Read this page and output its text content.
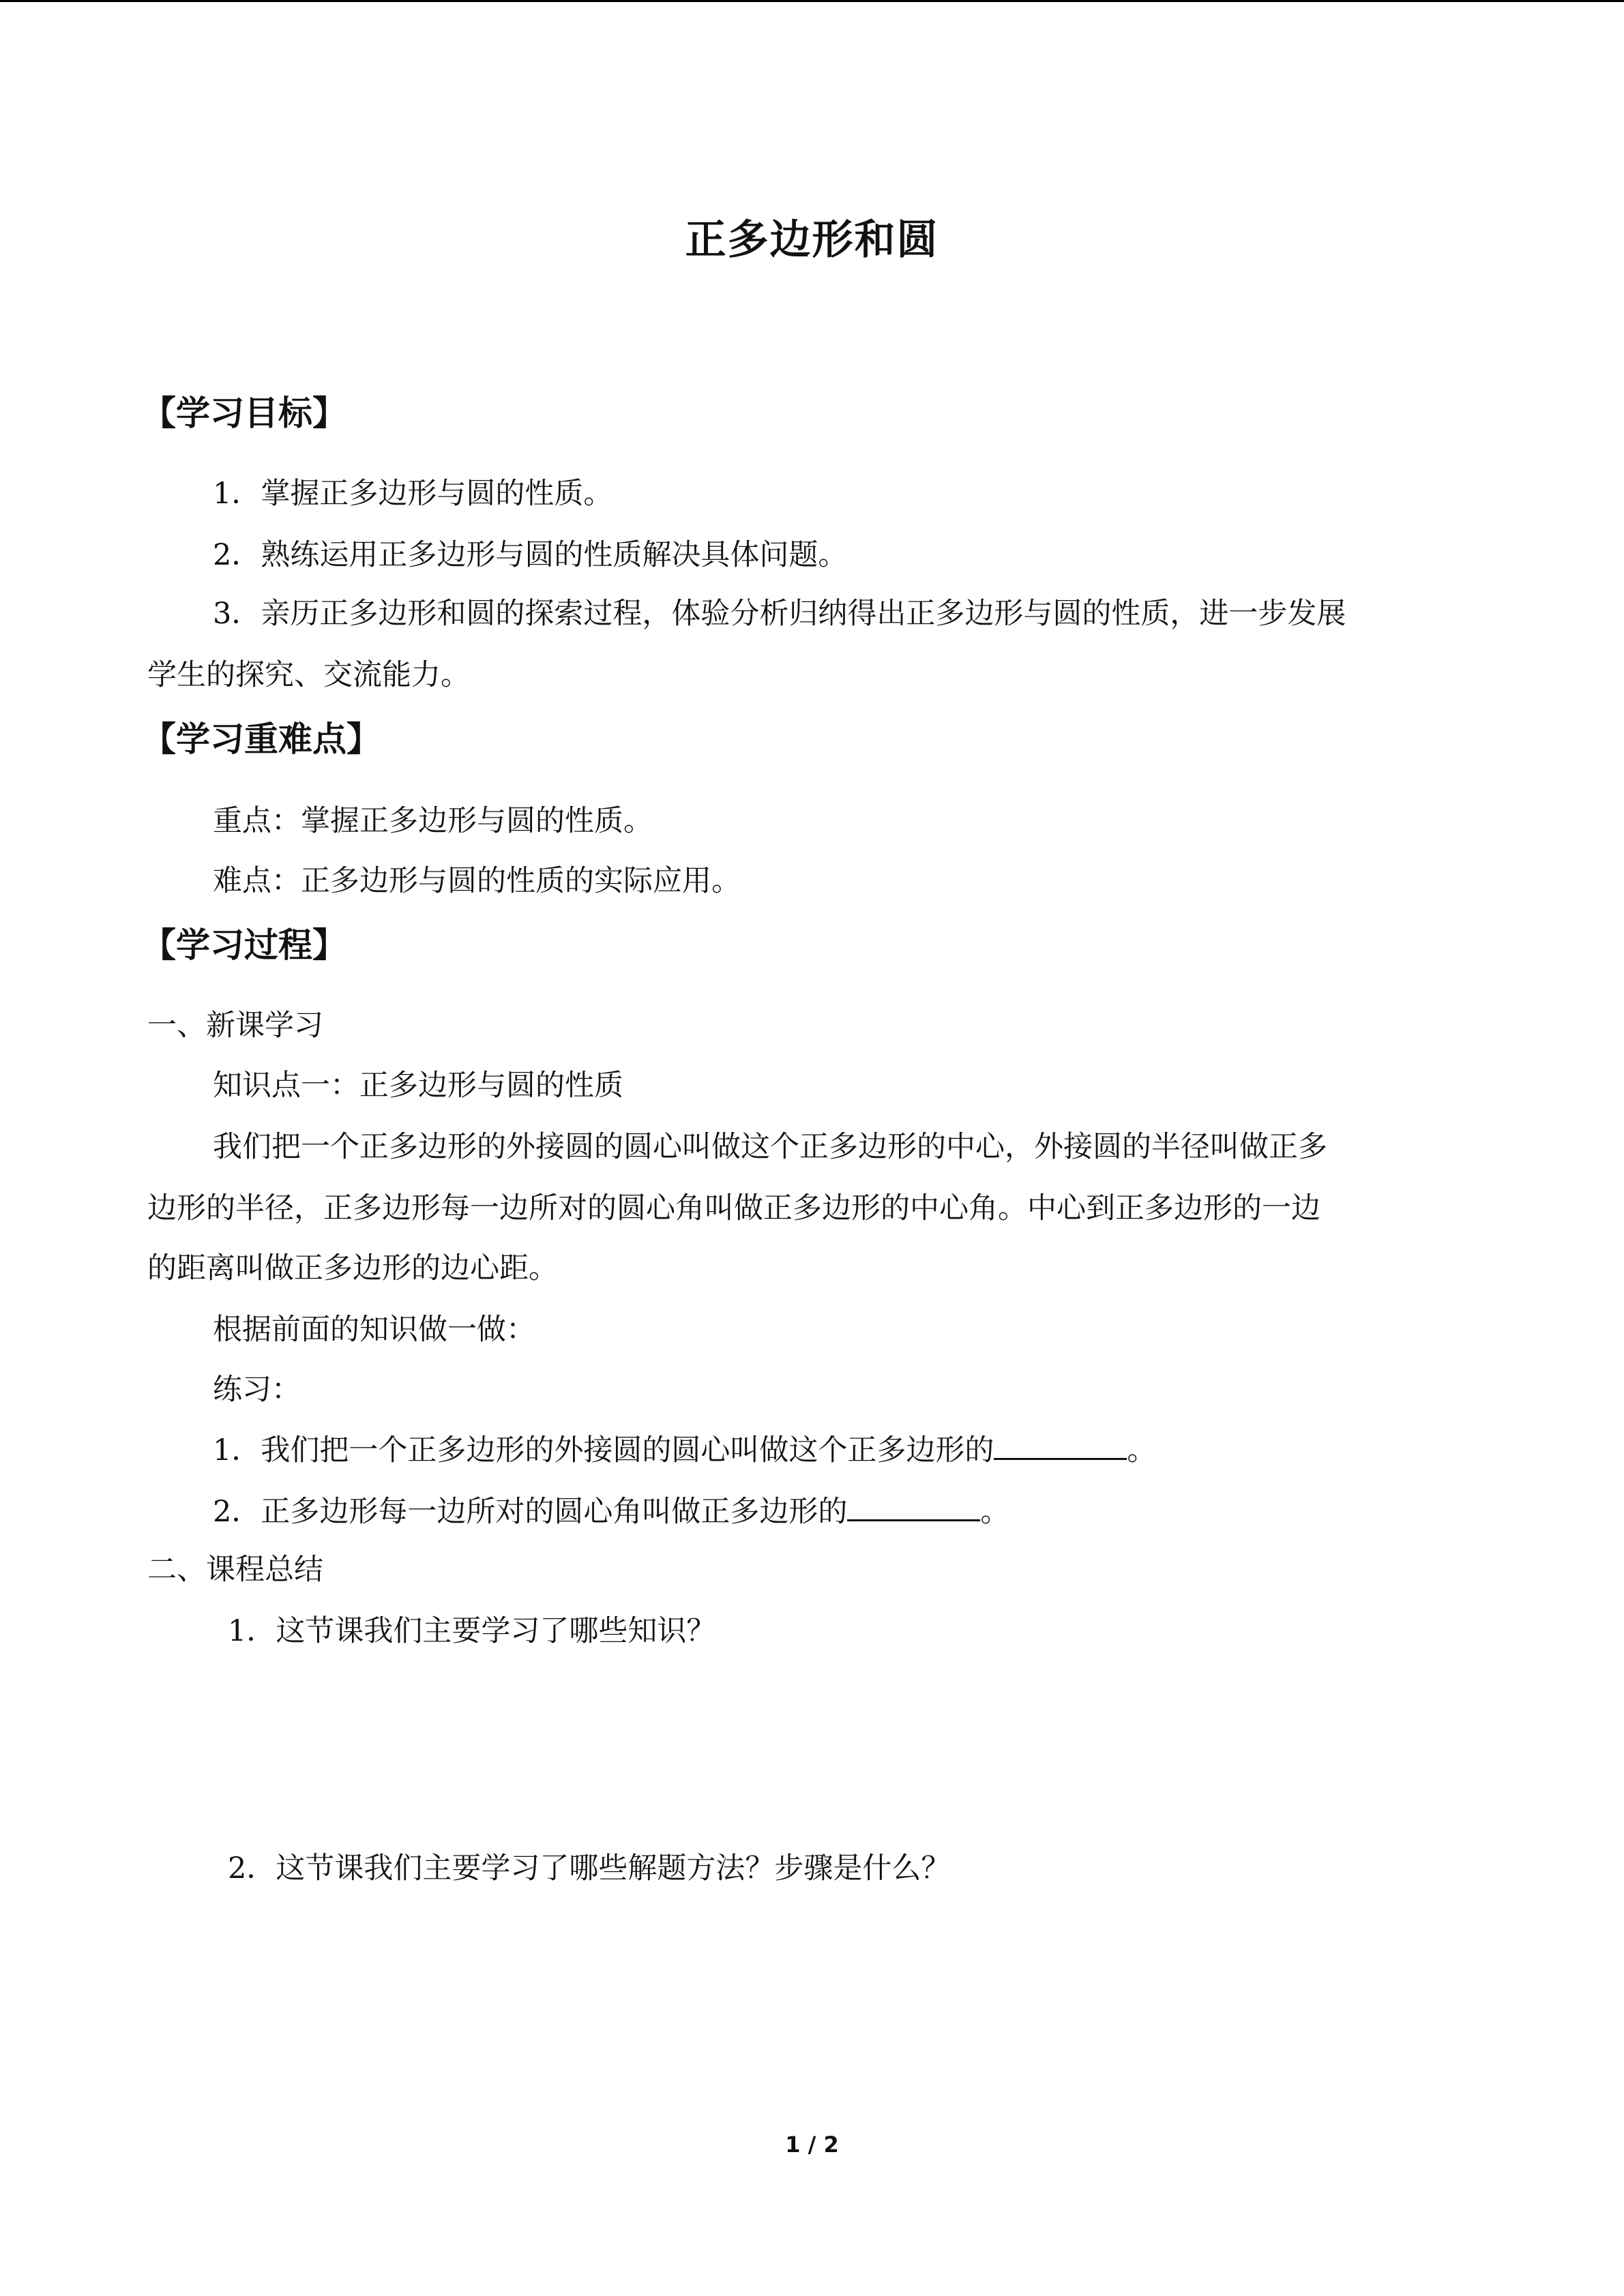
正多边形和圆
【学习目标】
1．掌握正多边形与圆的性质。
2．熟练运用正多边形与圆的性质解决具体问题。
3．亲历正多边形和圆的探索过程，体验分析归纳得出正多边形与圆的性质，进一步发展
学生的探究、交流能力。
【学习重难点】
重点：掌握正多边形与圆的性质。
难点：正多边形与圆的性质的实际应用。
【学习过程】
一、新课学习
知识点一：正多边形与圆的性质
我们把一个正多边形的外接圆的圆心叫做这个正多边形的中心，外接圆的半径叫做正多
边形的半径，正多边形每一边所对的圆心角叫做正多边形的中心角。中心到正多边形的一边
的距离叫做正多边形的边心距。
根据前面的知识做一做：
练习：
1．我们把一个正多边形的外接圆的圆心叫做这个正多边形的	。
2．正多边形每一边所对的圆心角叫做正多边形的	。
二、课程总结
1．这节课我们主要学习了哪些知识？
2．这节课我们主要学习了哪些解题方法？步骤是什么？
1 / 2
